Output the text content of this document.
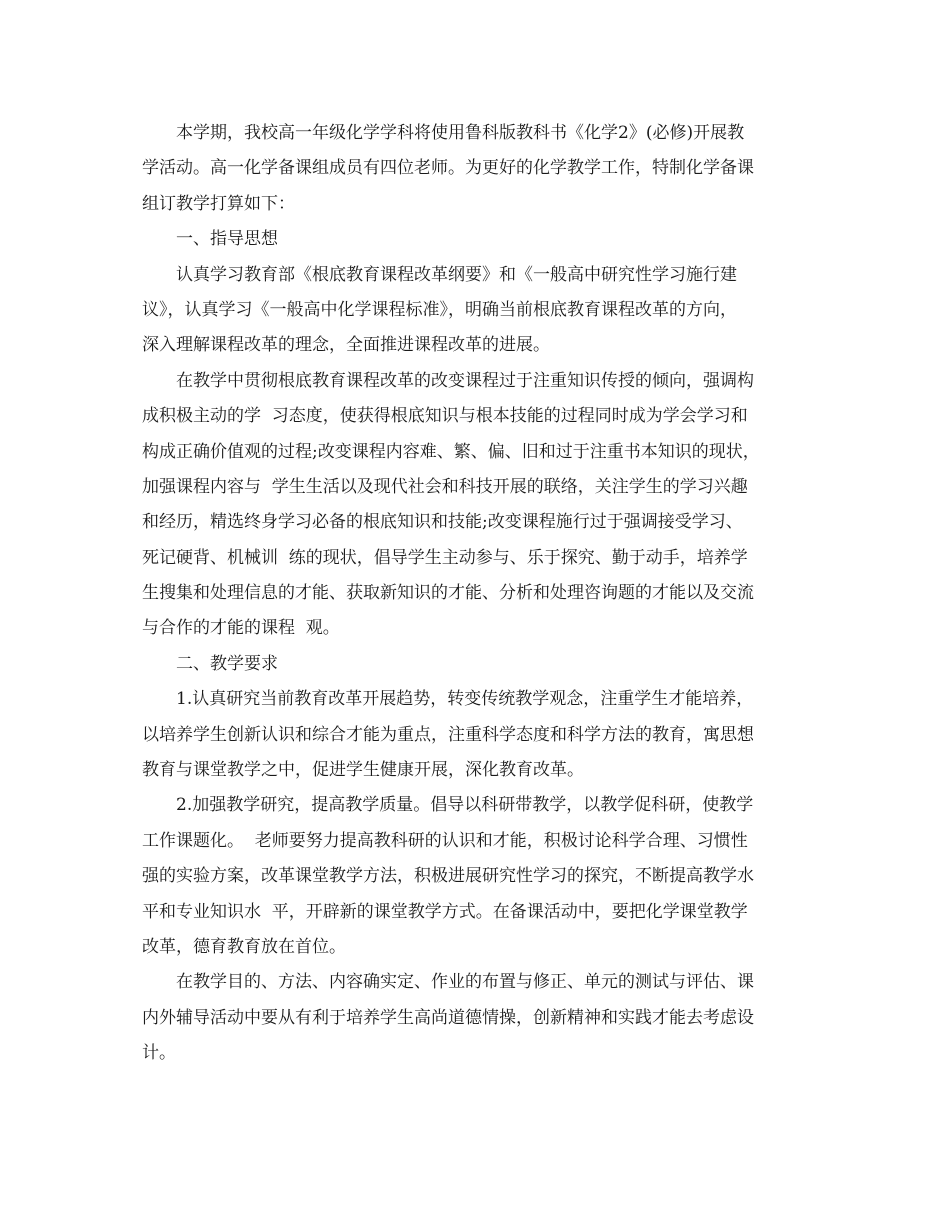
本学期，我校高一年级化学学科将使用鲁科版教科书《化学2》(必修)开展教
学活动。高一化学备课组成员有四位老师。为更好的化学教学工作，特制化学备课
组订教学打算如下：
一、指导思想
认真学习教育部《根底教育课程改革纲要》和《一般高中研究性学习施行建
议》，认真学习《一般高中化学课程标准》，明确当前根底教育课程改革的方向，
深入理解课程改革的理念，全面推进课程改革的进展。
在教学中贯彻根底教育课程改革的改变课程过于注重知识传授的倾向，强调构
成积极主动的学  习态度，使获得根底知识与根本技能的过程同时成为学会学习和
构成正确价值观的过程;改变课程内容难、繁、偏、旧和过于注重书本知识的现状，
加强课程内容与  学生生活以及现代社会和科技开展的联络，关注学生的学习兴趣
和经历，精选终身学习必备的根底知识和技能;改变课程施行过于强调接受学习、
死记硬背、机械训  练的现状，倡导学生主动参与、乐于探究、勤于动手，培养学
生搜集和处理信息的才能、获取新知识的才能、分析和处理咨询题的才能以及交流
与合作的才能的课程  观。
二、教学要求
1.认真研究当前教育改革开展趋势，转变传统教学观念，注重学生才能培养，
以培养学生创新认识和综合才能为重点，注重科学态度和科学方法的教育，寓思想
教育与课堂教学之中，促进学生健康开展，深化教育改革。
2.加强教学研究，提高教学质量。倡导以科研带教学，以教学促科研，使教学
工作课题化。  老师要努力提高教科研的认识和才能，积极讨论科学合理、习惯性
强的实验方案，改革课堂教学方法，积极进展研究性学习的探究，不断提高教学水
平和专业知识水  平，开辟新的课堂教学方式。在备课活动中，要把化学课堂教学
改革，德育教育放在首位。
在教学目的、方法、内容确实定、作业的布置与修正、单元的测试与评估、课
内外辅导活动中要从有利于培养学生高尚道德情操，创新精神和实践才能去考虑设
计。
